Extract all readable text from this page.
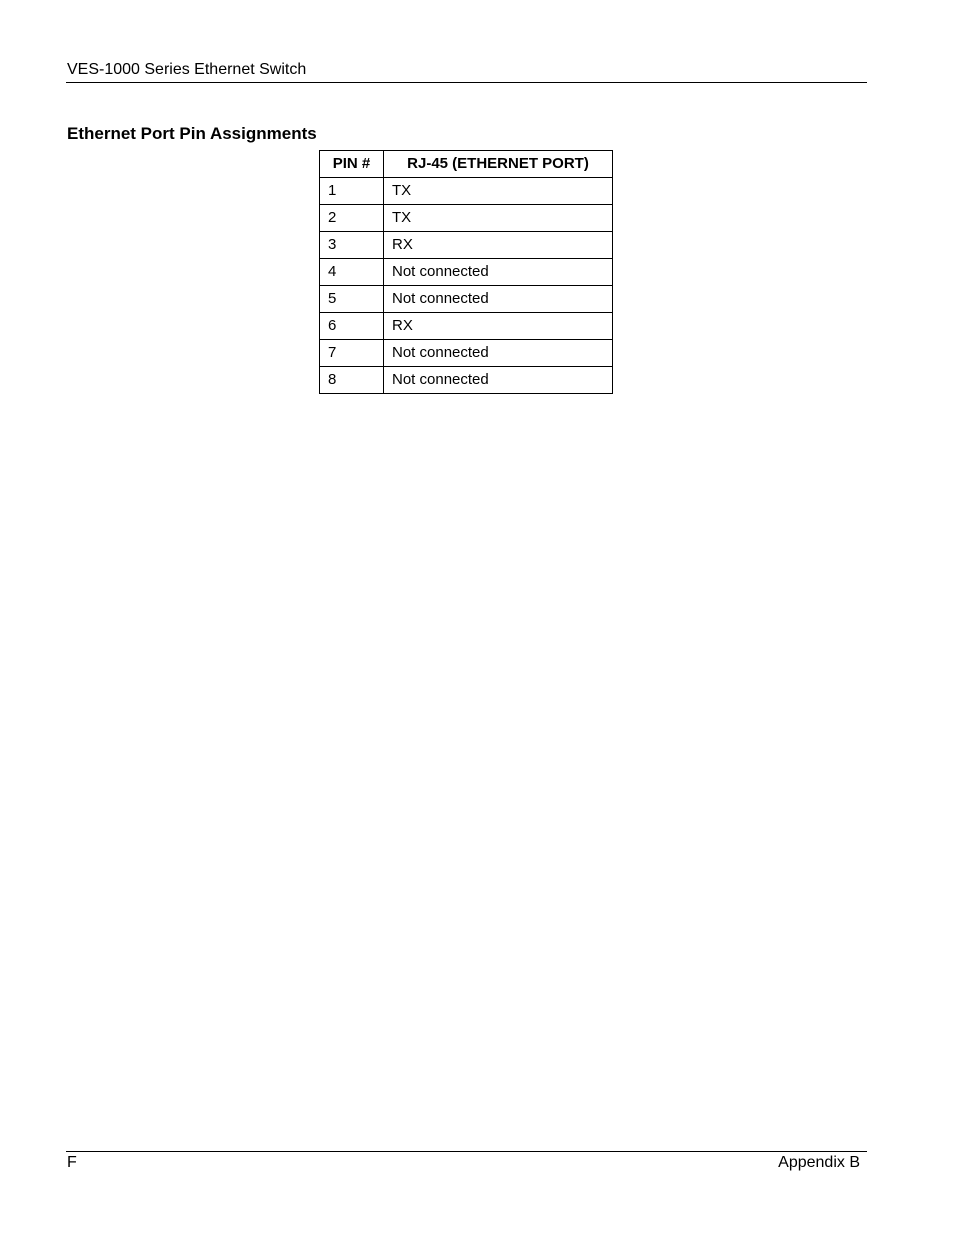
VES-1000 Series Ethernet Switch
Ethernet Port Pin Assignments
PIN #	RJ-45 (ETHERNET PORT)
1	TX
2	TX
3	RX
4	Not connected
5	Not connected
6	RX
7	Not connected
8	Not connected
F	Appendix B
